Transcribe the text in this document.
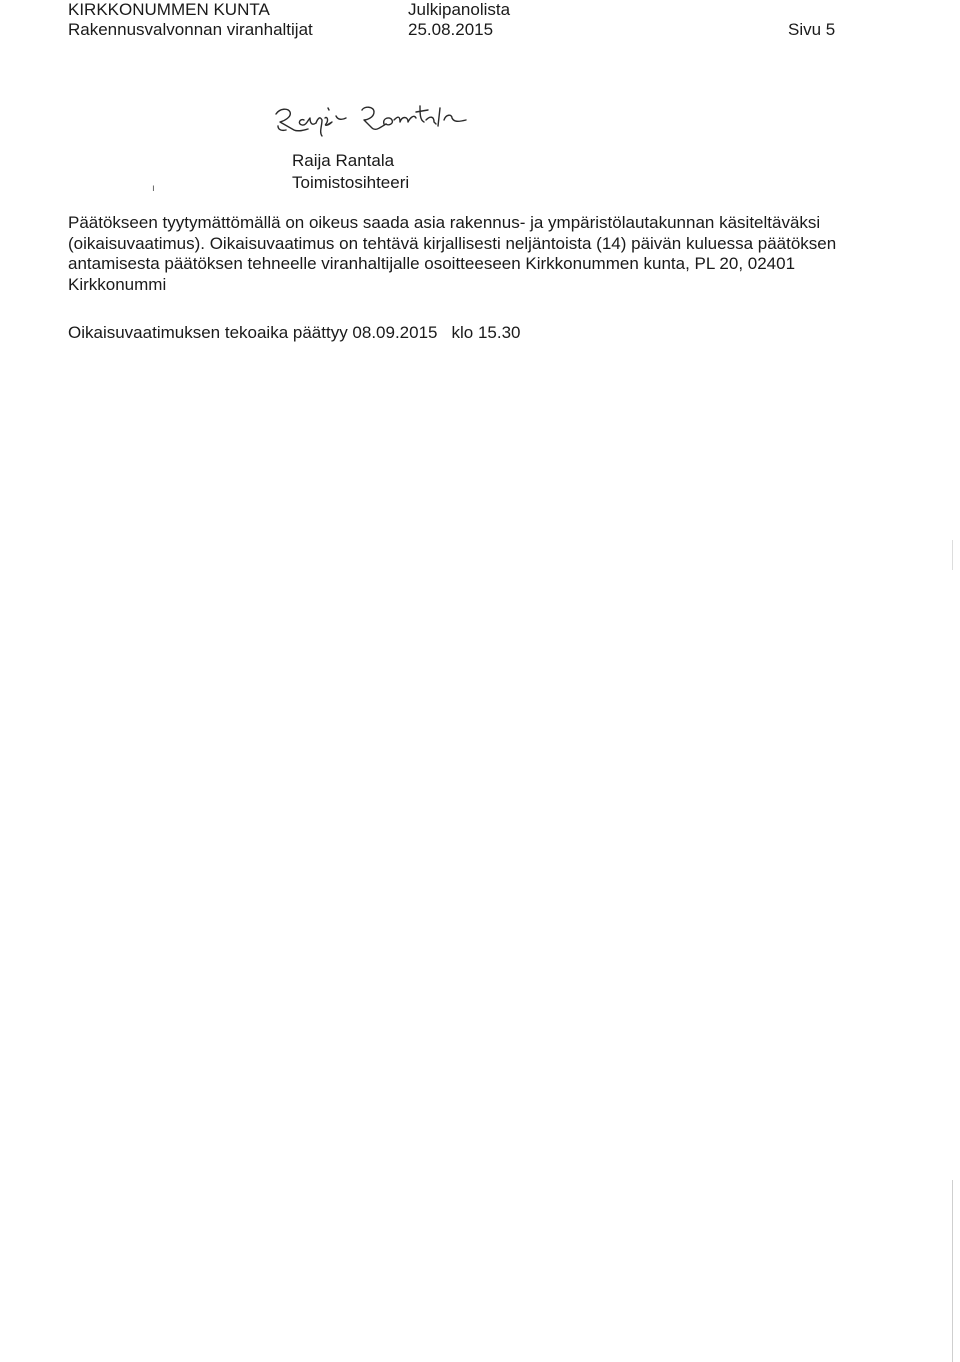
KIRKKONUMMEN KUNTA
Rakennusvalvonnan viranhaltijat
Julkipanolista
25.08.2015	Sivu 5
Raija Rantala
Toimistosihteeri
ı
Päätökseen tyytymättömällä on oikeus saada asia rakennus- ja ympäristölautakunnan käsiteltäväksi (oikaisuvaatimus). Oikaisuvaatimus on tehtävä kirjallisesti neljäntoista (14) päivän kuluessa päätöksen antamisesta päätöksen tehneelle viranhaltijalle osoitteeseen Kirkkonummen kunta, PL 20, 02401 Kirkkonummi
Oikaisuvaatimuksen tekoaika päättyy 08.09.2015 klo 15.30
